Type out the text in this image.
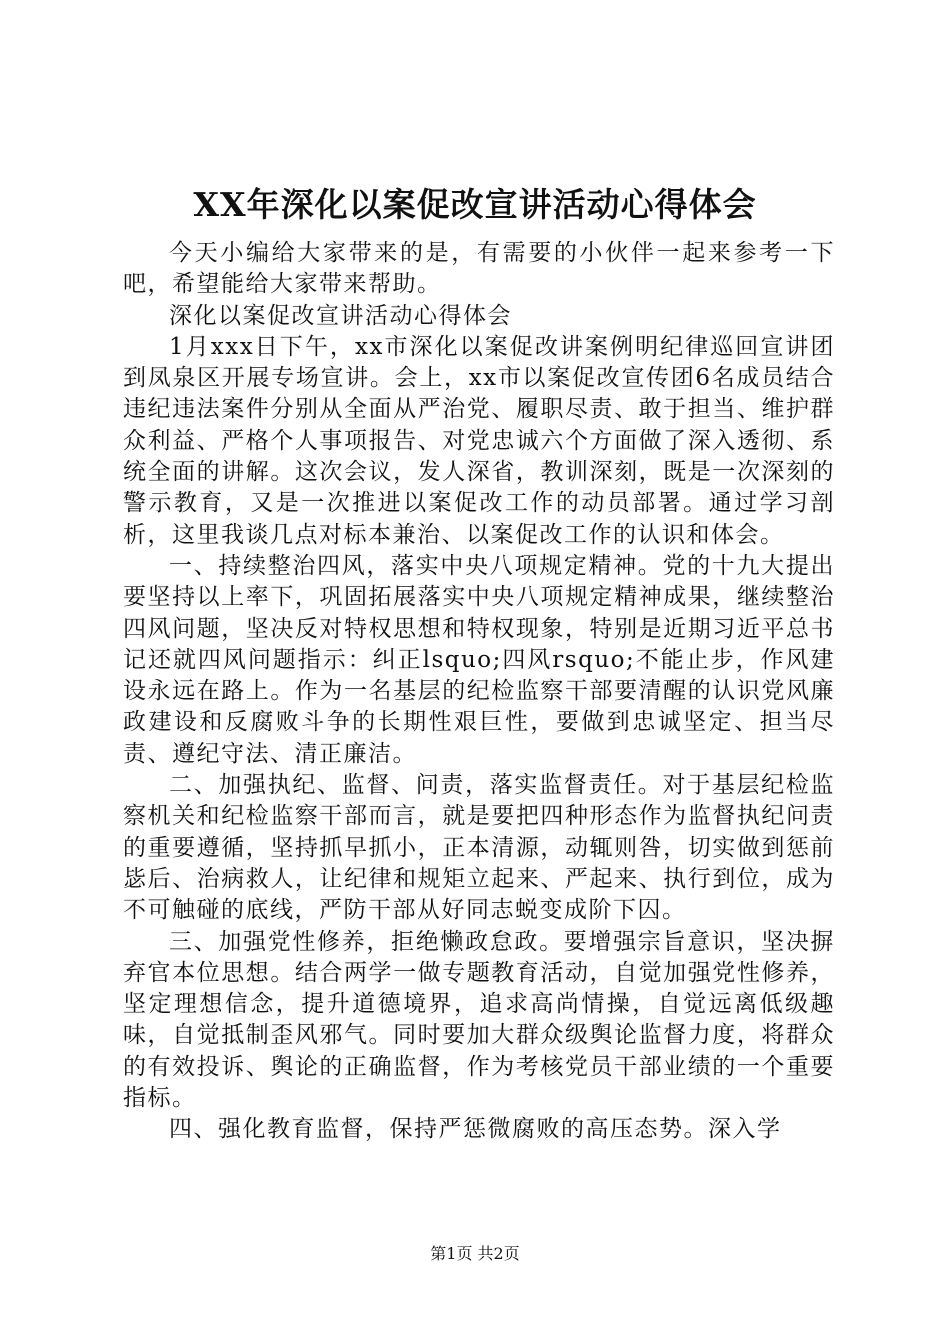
XX年深化以案促改宣讲活动心得体会

今天小编给大家带来的是，有需要的小伙伴一起来参考一下吧，希望能给大家带来帮助。

深化以案促改宣讲活动心得体会

1月xxx日下午，xx市深化以案促改讲案例明纪律巡回宣讲团到凤泉区开展专场宣讲。会上，xx市以案促改宣传团6名成员结合违纪违法案件分别从全面从严治党、履职尽责、敢于担当、维护群众利益、严格个人事项报告、对党忠诚六个方面做了深入透彻、系统全面的讲解。这次会议，发人深省，教训深刻，既是一次深刻的警示教育，又是一次推进以案促改工作的动员部署。通过学习剖析，这里我谈几点对标本兼治、以案促改工作的认识和体会。

一、持续整治四风，落实中央八项规定精神。党的十九大提出要坚持以上率下，巩固拓展落实中央八项规定精神成果，继续整治四风问题，坚决反对特权思想和特权现象，特别是近期习近平总书记还就四风问题指示：纠正lsquo;四风rsquo;不能止步，作风建设永远在路上。作为一名基层的纪检监察干部要清醒的认识党风廉政建设和反腐败斗争的长期性艰巨性，要做到忠诚坚定、担当尽责、遵纪守法、清正廉洁。

二、加强执纪、监督、问责，落实监督责任。对于基层纪检监察机关和纪检监察干部而言，就是要把四种形态作为监督执纪问责的重要遵循，坚持抓早抓小，正本清源，动辄则咎，切实做到惩前毖后、治病救人，让纪律和规矩立起来、严起来、执行到位，成为不可触碰的底线，严防干部从好同志蜕变成阶下囚。

三、加强党性修养，拒绝懒政怠政。要增强宗旨意识，坚决摒弃官本位思想。结合两学一做专题教育活动，自觉加强党性修养，坚定理想信念，提升道德境界，追求高尚情操，自觉远离低级趣味，自觉抵制歪风邪气。同时要加大群众级舆论监督力度，将群众的有效投诉、舆论的正确监督，作为考核党员干部业绩的一个重要指标。

四、强化教育监督，保持严惩微腐败的高压态势。深入学

第1页 共2页
